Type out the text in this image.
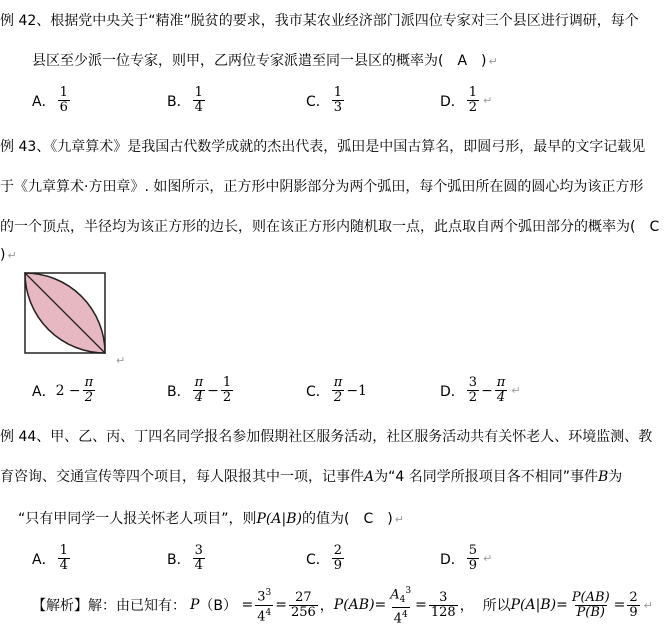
例 42、根据党中央关于“精准”脱贫的要求，我市某农业经济部门派四位专家对三个县区进行调研，每个
县区至少派一位专家，则甲，乙两位专家派遣至同一县区的概率为(　A　) ↵
A． $\frac{1}{6}$	B． $\frac{1}{4}$	C． $\frac{1}{3}$	D． $\frac{1}{2}$ ↵
例 43、《九章算术》是我国古代数学成就的杰出代表，弧田是中国古算名，即圆弓形，最早的文字记载见
于《九章算术·方田章》. 如图所示，正方形中阴影部分为两个弧田，每个弧田所在圆的圆心均为该正方形
的一个顶点，半径均为该正方形的边长，则在该正方形内随机取一点，此点取自两个弧田部分的概率为(　C
) ↵
↵
A． $2 - \frac{\pi}{2}$	B． $\frac{\pi}{4} - \frac{1}{2}$	C． $\frac{\pi}{2} -1$	D． $\frac{3}{2} - \frac{\pi}{4}$ ↵
例 44、甲、乙、丙、丁四名同学报名参加假期社区服务活动，社区服务活动共有关怀老人、环境监测、教
育咨询、交通宣传等四个项目，每人限报其中一项，记事件A为“4 名同学所报项目各不相同”事件B为
“只有甲同学一人报关怀老人项目”，则P(A|B)的值为(　C　) ↵
A． $\frac{1}{4}$	B． $\frac{3}{4}$	C． $\frac{2}{9}$	D． $\frac{5}{9}$ ↵
【解析】 解：由已知有： P $(B) = \frac{3^3}{4^4} = \frac{27}{256}$ ， $P(AB) = \frac{A_4^3}{4^4} = \frac{3}{128}$ ， 所以 $P(A|B) = \frac{P(AB)}{P(B)} = \frac{2}{9}$ ↵
